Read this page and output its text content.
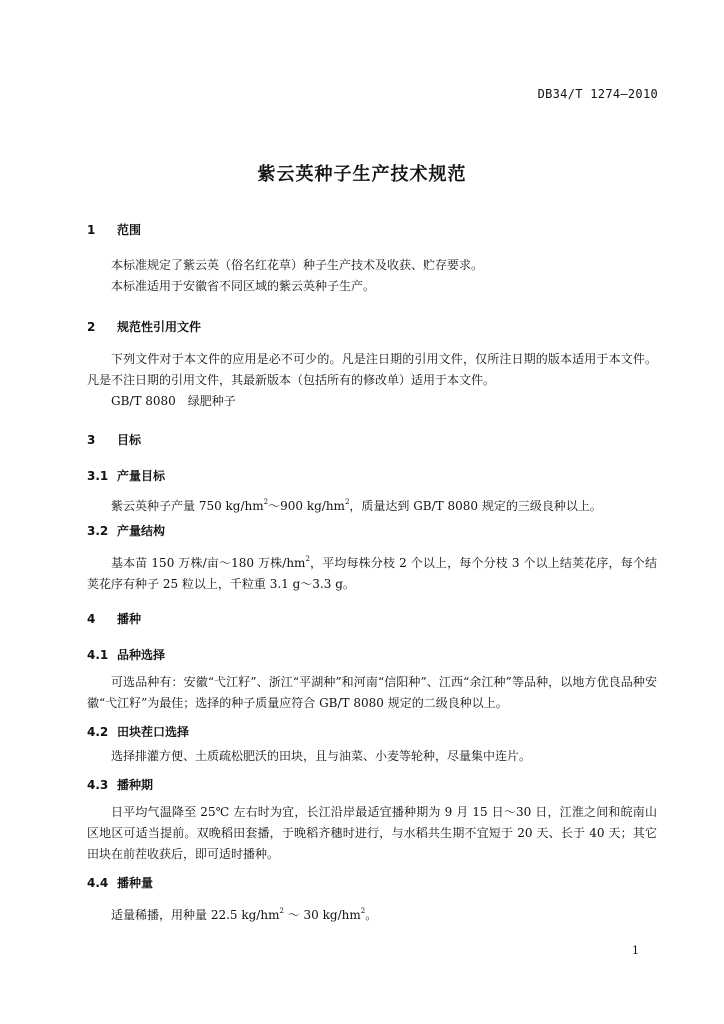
DB34/T 1274—2010
紫云英种子生产技术规范
1 范围
本标准规定了紫云英（俗名红花草）种子生产技术及收获、贮存要求。
本标准适用于安徽省不同区域的紫云英种子生产。
2 规范性引用文件
下列文件对于本文件的应用是必不可少的。凡是注日期的引用文件，仅所注日期的版本适用于本文件。凡是不注日期的引用文件，其最新版本（包括所有的修改单）适用于本文件。
GB/T 8080　绿肥种子
3 目标
3.1 产量目标
紫云英种子产量 750 $kg/hm^2\sim 900$ $kg/hm^2$，质量达到 GB/T 8080 规定的三级良种以上。
3.2 产量结构
基本苗 150 万株/亩～180 万株$/hm^2$，平均每株分枝 2 个以上，每个分枝 3 个以上结荚花序，每个结荚花序有种子 25 粒以上，千粒重 3.1 g～3.3 g。
4 播种
4.1 品种选择
可选品种有：安徽“弋江籽”、浙江“平湖种”和河南“信阳种”、江西“余江种”等品种，以地方优良品种安徽“弋江籽”为最佳；选择的种子质量应符合 GB/T 8080 规定的二级良种以上。
4.2 田块茬口选择
选择排灌方便、土质疏松肥沃的田块，且与油菜、小麦等轮种，尽量集中连片。
4.3 播种期
日平均气温降至 25℃ 左右时为宜，长江沿岸最适宜播种期为 9 月 15 日～30 日，江淮之间和皖南山区地区可适当提前。双晚稻田套播，于晚稻齐穗时进行，与水稻共生期不宜短于 20 天、长于 40 天；其它田块在前茬收获后，即可适时播种。
4.4 播种量
适量稀播，用种量 22.5 $kg/hm^2$ ～ 30 $kg/hm^2$。
1
